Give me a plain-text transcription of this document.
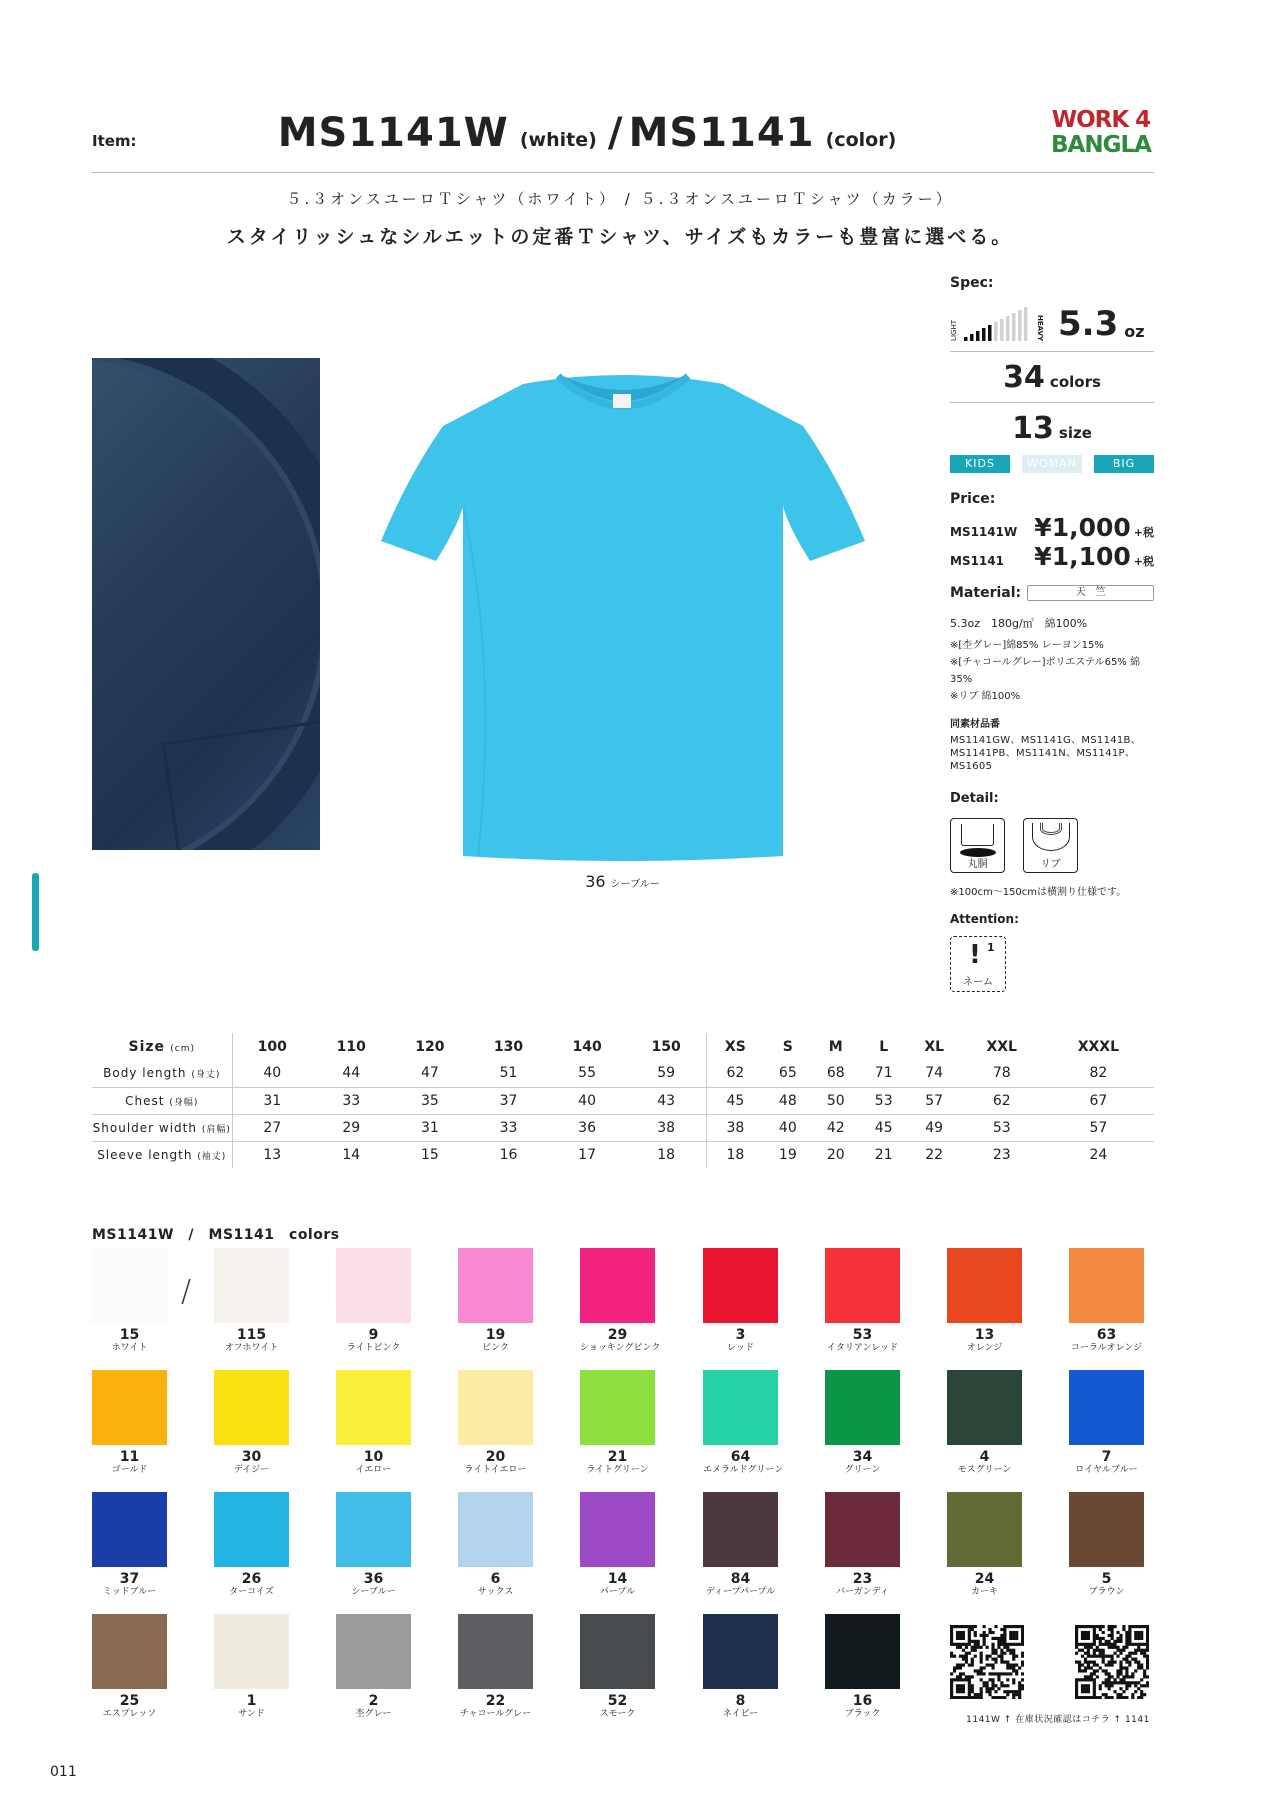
Item:	MS1141W (white) / MS1141 (color)
WORK 4
BANGLA
５.３オンスユーロＴシャツ（ホワイト） / ５.３オンスユーロＴシャツ（カラー）
スタイリッシュなシルエットの定番Ｔシャツ、サイズもカラーも豊富に選べる。
36 シーブルー
Spec:
LIGHT	HEAVY 5.3 oz
34 colors
13 size
KIDS	WOMAN	BIG
Price:
MS1141W ¥1,000 +税
MS1141	¥1,100 +税
Material:	天　竺
5.3oz　180g/㎡　綿100%
※[杢グレー]綿85% レーヨン15%
※[チャコールグレー]ポリエステル65% 綿35%
※リブ 綿100%
同素材品番
MS1141GW、MS1141G、MS1141B、MS1141PB、MS1141N、MS1141P、MS1605
Detail:
丸胴	リブ
※100cm〜150cmは横割り仕様です。
Attention:
! 1
ネーム
Size (cm)	100	110	120	130	140	150	XS	S	M	L	XL	XXL	XXXL
Body length (身丈)	40	44	47	51	55	59	62	65	68	71	74	78	82
Chest (身幅)	31	33	35	37	40	43	45	48	50	53	57	62	67
Shoulder width (肩幅)	27	29	31	33	36	38	38	40	42	45	49	53	57
Sleeve length (袖丈)	13	14	15	16	17	18	18	19	20	21	22	23	24
MS1141W　/　MS1141　colors
/
15
ホワイト
115
オフホワイト
9
ライトピンク
19
ピンク
29
ショッキングピンク
3
レッド
53
イタリアンレッド
13
オレンジ
63
コーラルオレンジ
11
ゴールド
30
デイジー
10
イエロー
20
ライトイエロー
21
ライトグリーン
64
エメラルドグリーン
34
グリーン
4
モスグリーン
7
ロイヤルブルー
37
ミッドブルー
26
ターコイズ
36
シーブルー
6
サックス
14
パープル
84
ディープパープル
23
バーガンディ
24
カーキ
5
ブラウン
25
エスプレッソ
1
サンド
2
杢グレー
22
チャコールグレー
52
スモーク
8
ネイビー
16
ブラック
1141W ↑ 在庫状況確認はコチラ ↑ 1141
011
